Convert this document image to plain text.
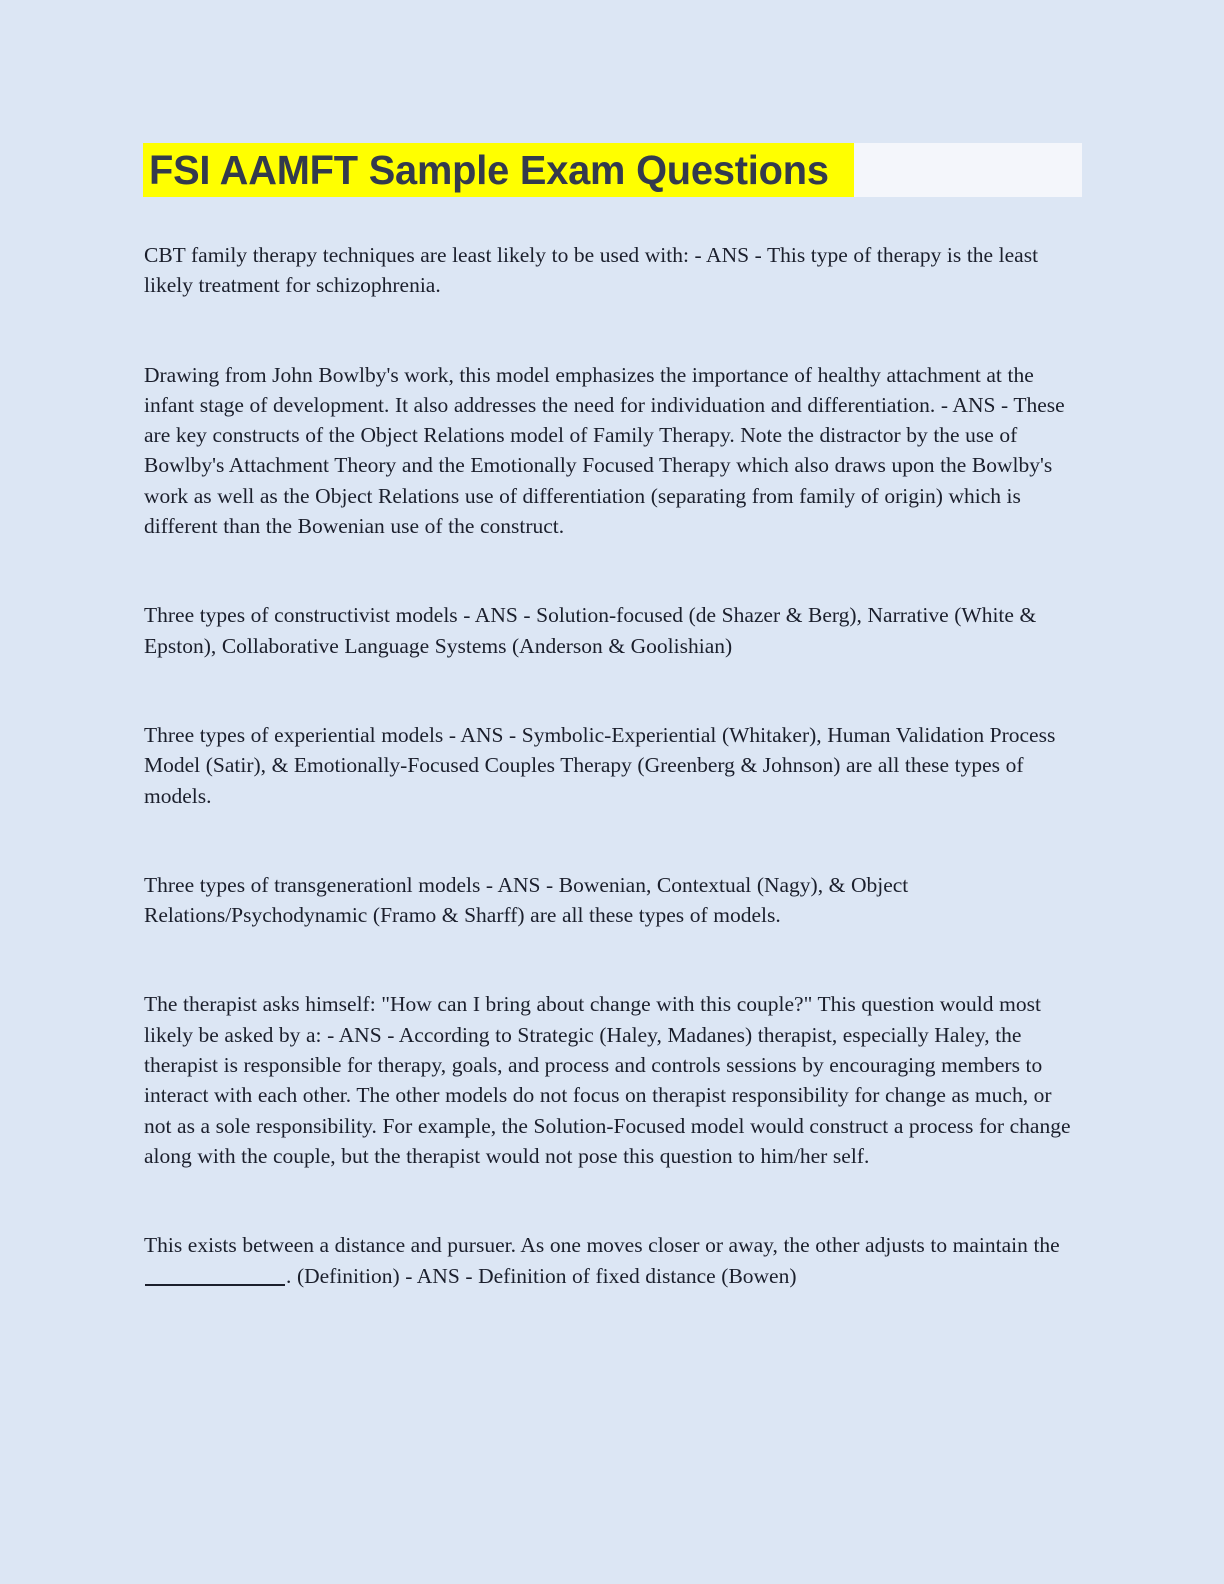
FSI AAMFT Sample Exam Questions

CBT family therapy techniques are least likely to be used with: - ANS - This type of therapy is the least likely treatment for schizophrenia.

Drawing from John Bowlby's work, this model emphasizes the importance of healthy attachment at the infant stage of development. It also addresses the need for individuation and differentiation. - ANS - These are key constructs of the Object Relations model of Family Therapy. Note the distractor by the use of Bowlby's Attachment Theory and the Emotionally Focused Therapy which also draws upon the Bowlby's work as well as the Object Relations use of differentiation (separating from family of origin) which is different than the Bowenian use of the construct.

Three types of constructivist models - ANS - Solution-focused (de Shazer & Berg), Narrative (White & Epston), Collaborative Language Systems (Anderson & Goolishian)

Three types of experiential models - ANS - Symbolic-Experiential (Whitaker), Human Validation Process Model (Satir), & Emotionally-Focused Couples Therapy (Greenberg & Johnson) are all these types of models.

Three types of transgenerationl models - ANS - Bowenian, Contextual (Nagy), & Object Relations/Psychodynamic (Framo & Sharff) are all these types of models.

The therapist asks himself: "How can I bring about change with this couple?" This question would most likely be asked by a: - ANS - According to Strategic (Haley, Madanes) therapist, especially Haley, the therapist is responsible for therapy, goals, and process and controls sessions by encouraging members to interact with each other. The other models do not focus on therapist responsibility for change as much, or not as a sole responsibility. For example, the Solution-Focused model would construct a process for change along with the couple, but the therapist would not pose this question to him/her self.

This exists between a distance and pursuer. As one moves closer or away, the other adjusts to maintain the . (Definition) - ANS - Definition of fixed distance (Bowen)
